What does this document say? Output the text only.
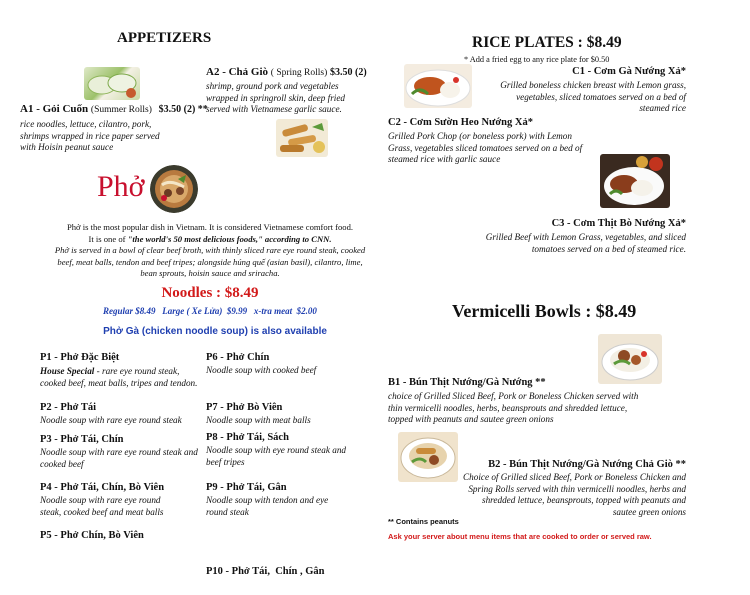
APPETIZERS
A1 - Gỏi Cuốn (Summer Rolls) $3.50 (2) **
rice noodles, lettuce, cilantro, pork, shrimps wrapped in rice paper served with Hoisin peanut sauce
A2 - Chả Giò ( Spring Rolls) $3.50 (2)
shrimp, ground pork and vegetables wrapped in springroll skin, deep fried served with Vietnamese garlic sauce.
Phở
Phở is the most popular dish in Vietnam. It is considered Vietnamese comfort food.
It is one of "the world's 50 most delicious foods," according to CNN.
Phở is served in a bowl of clear beef broth, with thinly sliced rare eye round steak, cooked beef, meat balls, tendon and beef tripes; alongside húng quế (asian basil), cilantro, lime, bean sprouts, hoisin sauce and sriracha.
Noodles : $8.49
Regular $8.49   Large ( Xe Lửa)  $9.99   x-tra meat  $2.00
Phở Gà (chicken noodle soup) is also available
P1 - Phở Đặc Biệt
House Special - rare eye round steak, cooked beef, meat balls, tripes and tendon.
P2 - Phở Tái
Noodle soup with rare eye round steak
P3 - Phở Tái, Chín
Noodle soup with rare eye round steak and cooked beef
P4 - Phở Tái, Chín, Bò Viên
Noodle soup with rare eye round steak, cooked beef and meat balls
P5 - Phở Chín, Bò Viên
P6 - Phở Chín
Noodle soup with cooked beef
P7 - Phở Bò Viên
Noodle soup with meat balls
P8 - Phở Tái, Sách
Noodle soup with eye round steak and beef tripes
P9 - Phở Tái, Gân
Noodle soup with tendon and eye round steak

P10 - Phở Tái,  Chín , Gân

RICE PLATES : $8.49
* Add a fried egg to any rice plate for $0.50
C1 - Cơm Gà Nướng Xả*
Grilled boneless chicken breast with Lemon grass, vegetables, sliced tomatoes served on a bed of steamed rice
C2 - Cơm Sườn Heo Nướng Xả*
Grilled Pork Chop (or boneless pork) with Lemon Grass, vegetables sliced tomatoes served on a bed of steamed rice with garlic sauce
C3 - Cơm Thịt Bò Nướng Xả*
Grilled Beef with Lemon Grass, vegetables, and sliced tomatoes served on a bed of steamed rice.
Vermicelli Bowls : $8.49
B1 - Bún Thịt Nướng/Gà Nướng **
choice of Grilled Sliced Beef, Pork or Boneless Chicken served with thin vermicelli noodles, herbs, beansprouts and shredded lettuce, topped with peanuts and sautee green onions
B2 - Bún Thịt Nướng/Gà Nướng Chả Giò **
Choice of Grilled sliced Beef, Pork or Boneless Chicken and Spring Rolls served with thin vermicelli noodles, herbs and shredded lettuce, beansprouts, topped with peanuts and sautee green onions
** Contains peanuts
Ask your server about menu items that are cooked to order or served raw.
